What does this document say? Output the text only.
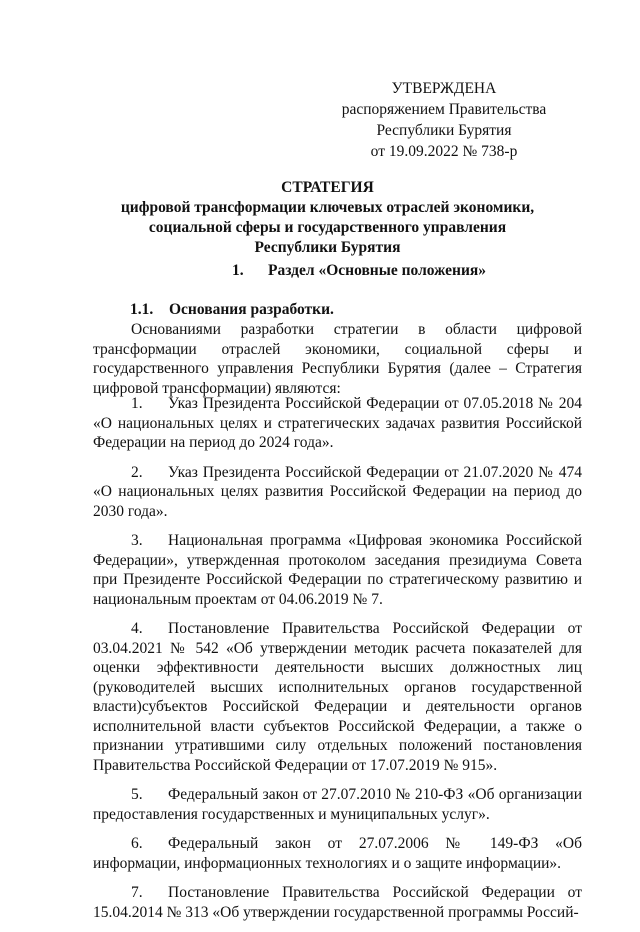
УТВЕРЖДЕНА
распоряжением Правительства
Республики Бурятия
от 19.09.2022 № 738-р
СТРАТЕГИЯ
цифровой трансформации ключевых отраслей экономики,
социальной сферы и государственного управления
Республики Бурятия
1. Раздел «Основные положения»
1.1. Основания разработки.

Основаниями разработки стратегии в области цифровой трансформации отраслей экономики, социальной сферы и государственного управления Республики Бурятия (далее – Стратегия цифровой трансформации) являются:

1. Указ Президента Российской Федерации от 07.05.2018 № 204 «О национальных целях и стратегических задачах развития Российской Федерации на период до 2024 года».

2. Указ Президента Российской Федерации от 21.07.2020 № 474 «О национальных целях развития Российской Федерации на период до 2030 года».

3. Национальная программа «Цифровая экономика Российской Федерации», утвержденная протоколом заседания президиума Совета при Президенте Российской Федерации по стратегическому развитию и национальным проектам от 04.06.2019 № 7.

4. Постановление Правительства Российской Федерации от 03.04.2021 № 542 «Об утверждении методик расчета показателей для оценки эффективности деятельности высших должностных лиц (руководителей высших исполнительных органов государственной власти)субъектов Российской Федерации и деятельности органов исполнительной власти субъектов Российской Федерации, а также о признании утратившими силу отдельных положений постановления Правительства Российской Федерации от 17.07.2019 № 915».

5. Федеральный закон от 27.07.2010 № 210-ФЗ «Об организации предоставления государственных и муниципальных услуг».

6. Федеральный закон от 27.07.2006 № 149-ФЗ «Об информации, информационных технологиях и о защите информации».

7. Постановление Правительства Российской Федерации от 15.04.2014 № 313 «Об утверждении государственной программы Россий-
